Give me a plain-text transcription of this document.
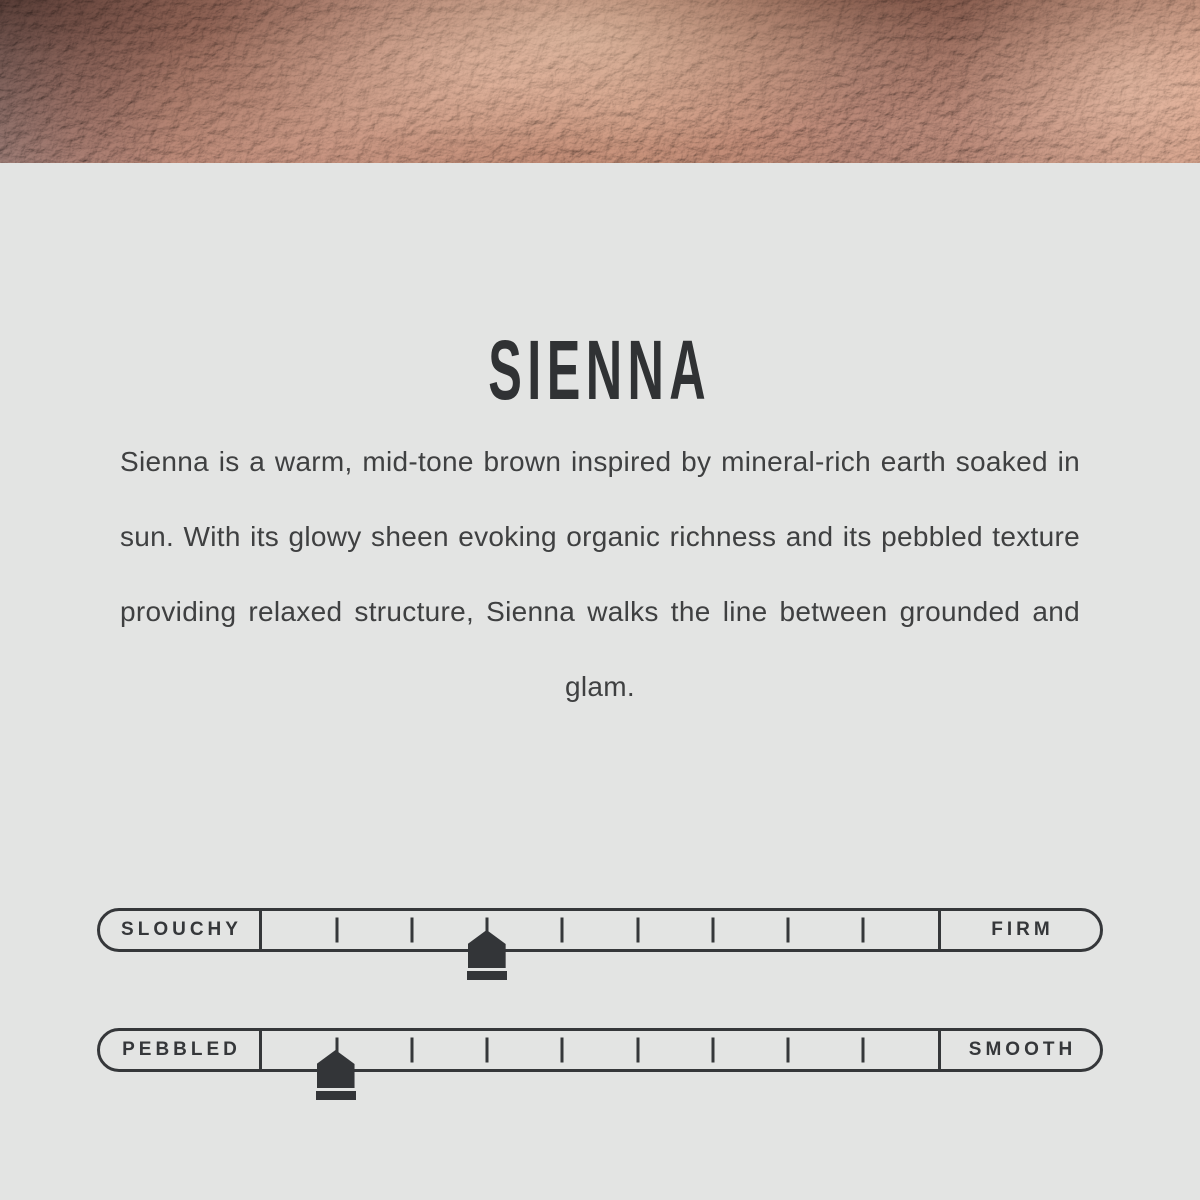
SIENNA

Sienna is a warm, mid-tone brown inspired by mineral-rich earth soaked in sun. With its glowy sheen evoking organic richness and its pebbled texture providing relaxed structure, Sienna walks the line between grounded and glam.

SLOUCHY	FIRM
PEBBLED	SMOOTH
